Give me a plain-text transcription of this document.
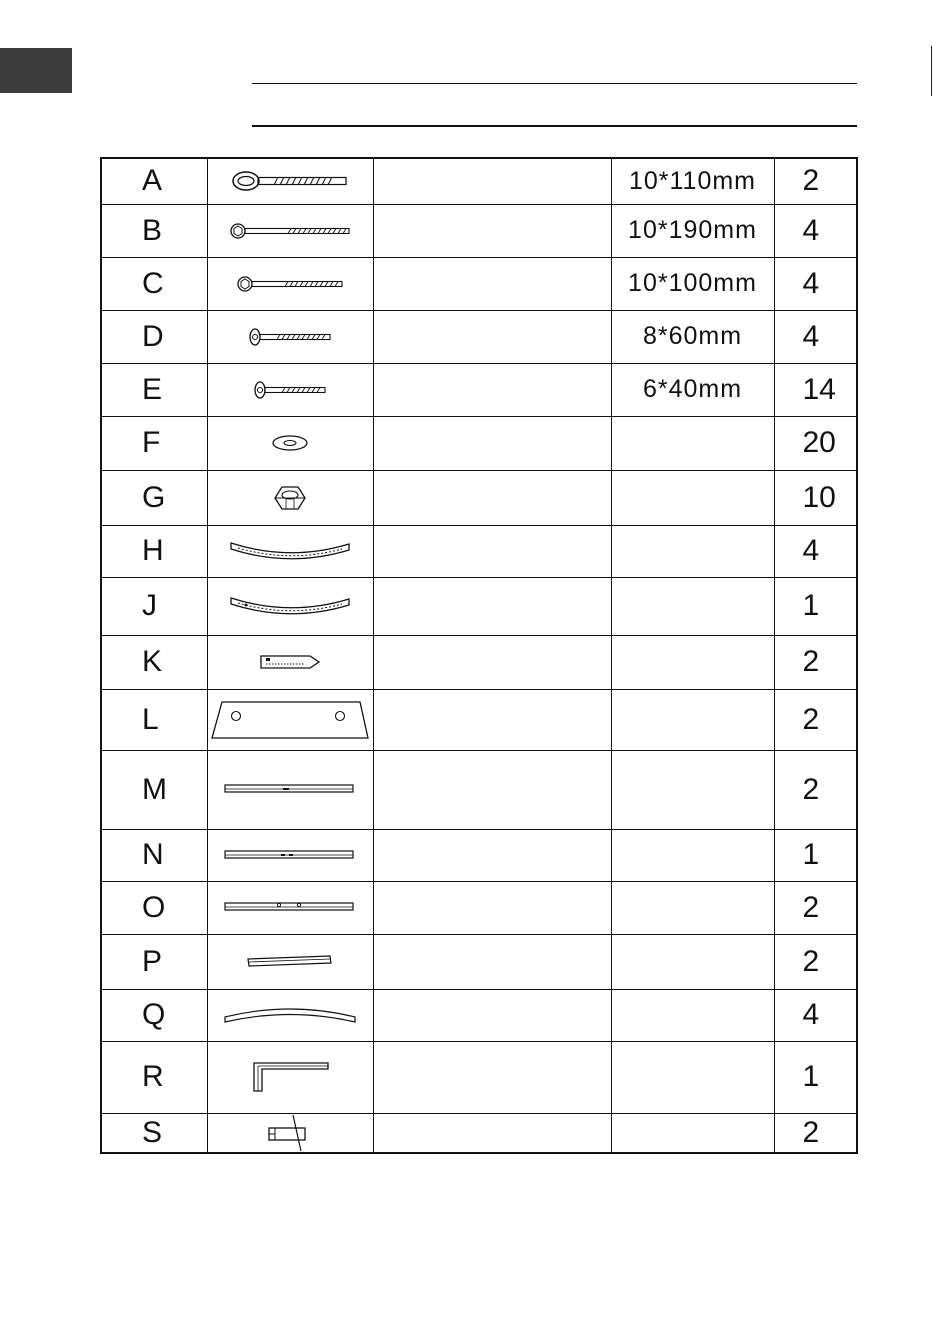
A			10*110mm	2
B			10*190mm	4
C			10*100mm	4
D			8*60mm	4
E			6*40mm	14
F				20
G				10
H				4
J				1
K				2
L				2
M				2
N				1
O				2
P				2
Q				4
R				1
S				2
